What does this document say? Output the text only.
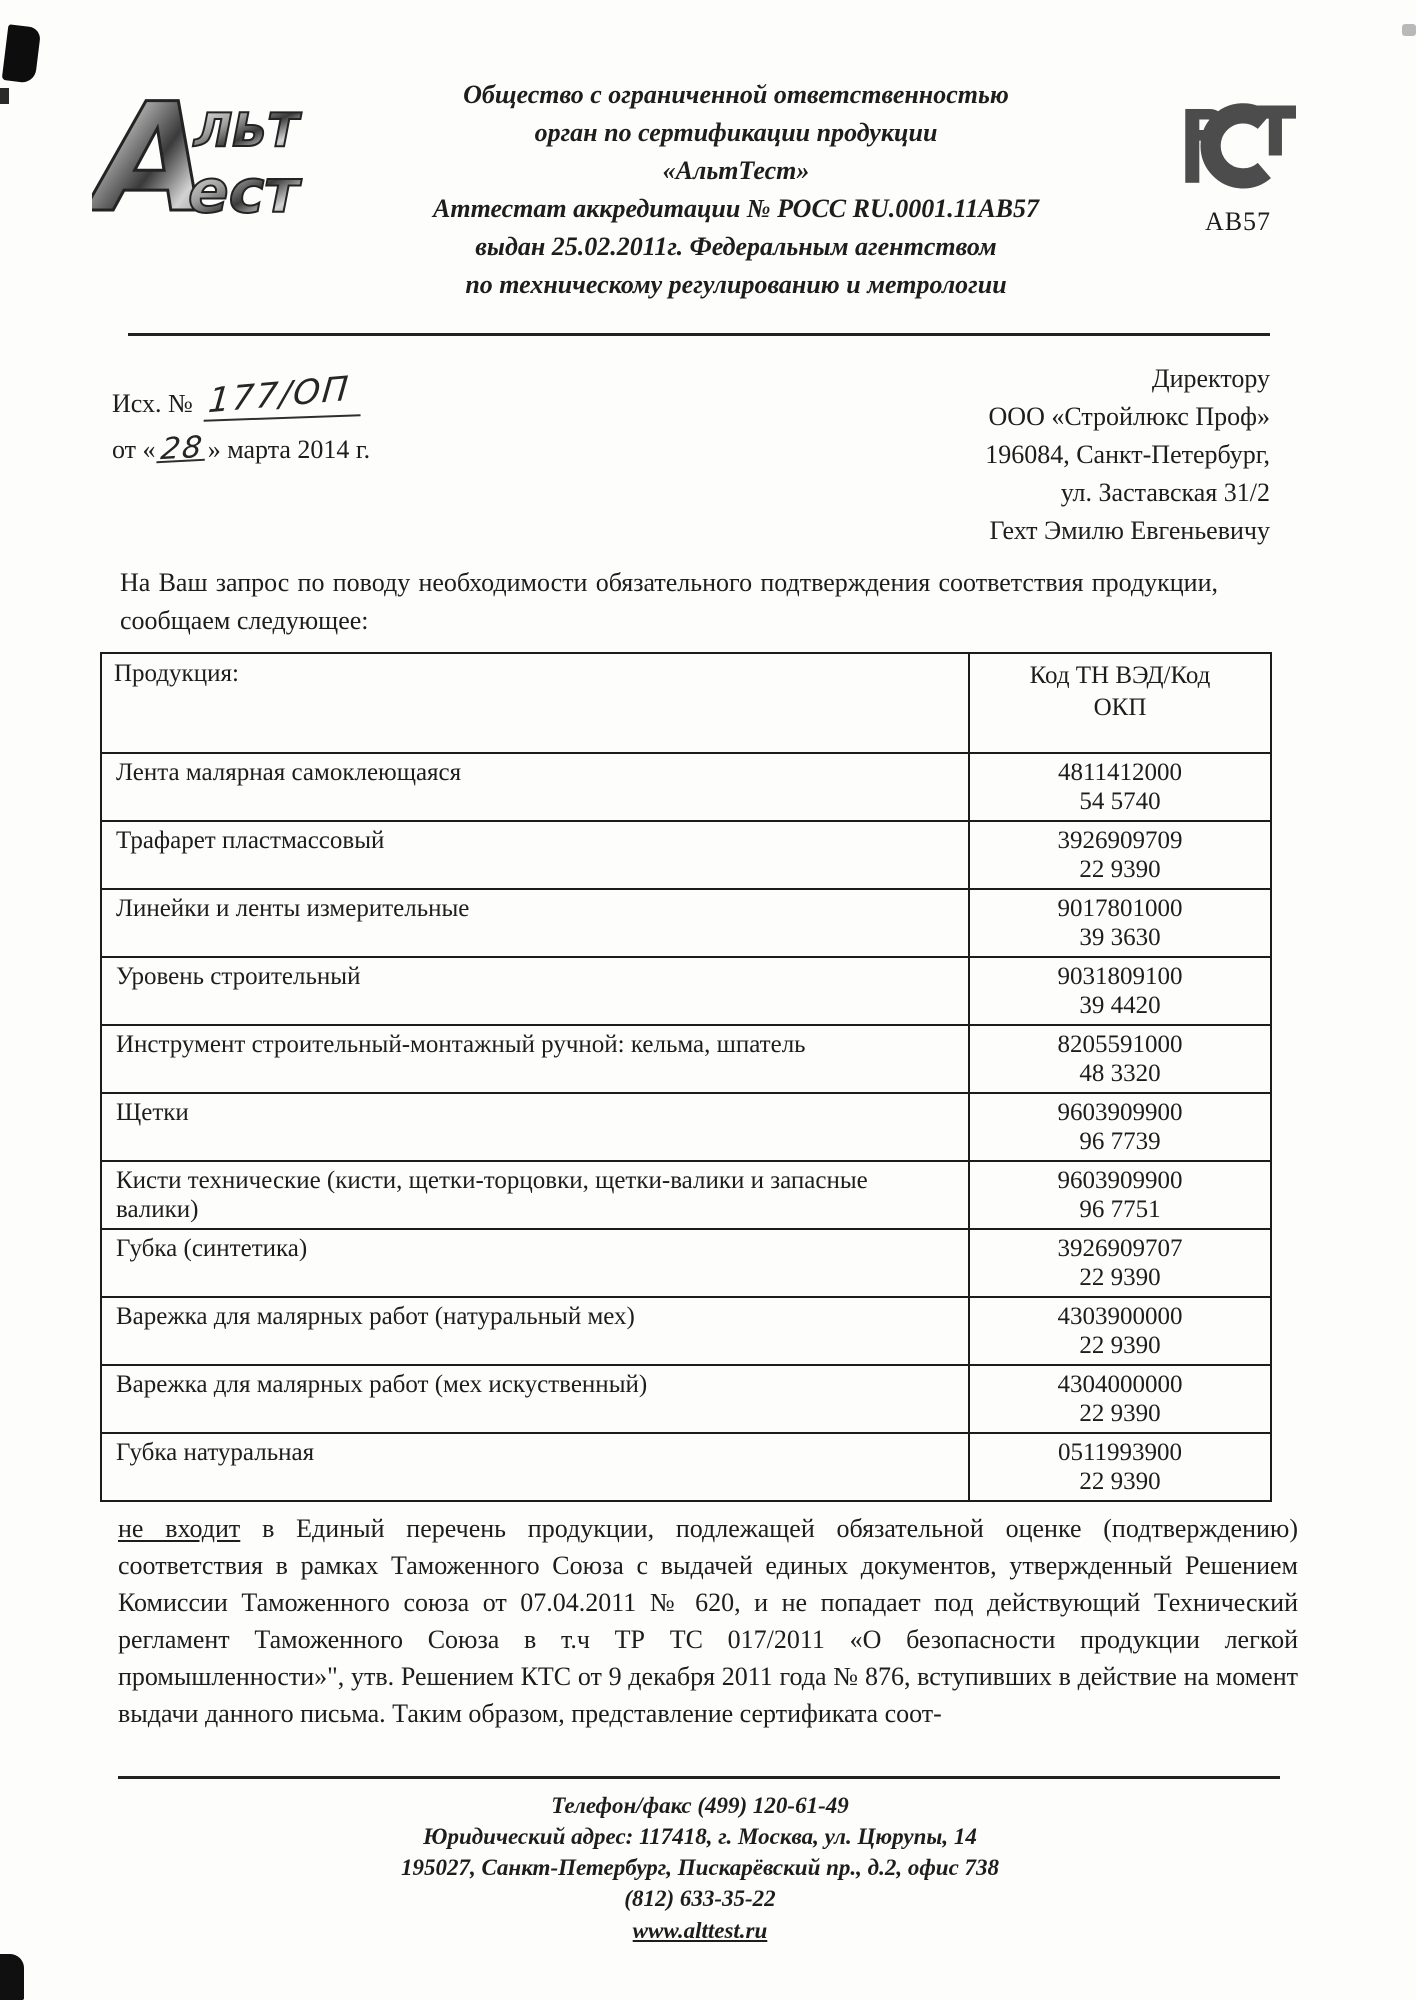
А
ЛЬТ
ест
Общество с ограниченной ответственностью
орган по сертификации продукции
«АльтТест»
Аттестат аккредитации № РОСС RU.0001.11АВ57
выдан 25.02.2011г. Федеральным агентством
по техническому регулированию и метрологии
АВ57
Исх. № 177/ОП
от «28» марта 2014 г.
Директору
ООО «Стройлюкс Проф»
196084, Санкт-Петербург,
ул. Заставская 31/2
Гехт Эмилю Евгеньевичу

На Ваш запрос по поводу необходимости обязательного подтверждения соответствия продукции, сообщаем следующее:

Продукция:	Код ТН ВЭД/Код
ОКП

Лента малярная самоклеющаяся	4811412000
54 5740

Трафарет пластмассовый	3926909709
22 9390

Линейки и ленты измерительные	9017801000
39 3630

Уровень строительный	9031809100
39 4420

Инструмент строительный-монтажный ручной: кельма, шпатель	8205591000
48 3320

Щетки	9603909900
96 7739

Кисти технические (кисти, щетки-торцовки, щетки-валики и запасные валики)	9603909900
96 7751

Губка (синтетика)	3926909707
22 9390

Варежка для малярных работ (натуральный мех)	4303900000
22 9390

Варежка для малярных работ (мех искуственный)	4304000000
22 9390

Губка натуральная	0511993900
22 9390

не входит в Единый перечень продукции, подлежащей обязательной оценке (подтверждению) соответствия в рамках Таможенного Союза с выдачей единых документов, утвержденный Решением Комиссии Таможенного союза от 07.04.2011 № 620, и не попадает под действующий Технический регламент Таможенного Союза в т.ч ТР ТС 017/2011 «О безопасности продукции легкой промышленности»", утв. Решением КТС от 9 декабря 2011 года № 876, вступивших в действие на момент выдачи данного письма. Таким образом, представление сертификата соот-

Телефон/факс (499) 120-61-49
Юридический адрес: 117418, г. Москва, ул. Цюрупы, 14
195027, Санкт-Петербург, Пискарёвский пр., д.2, офис 738
(812) 633-35-22
www.alttest.ru
